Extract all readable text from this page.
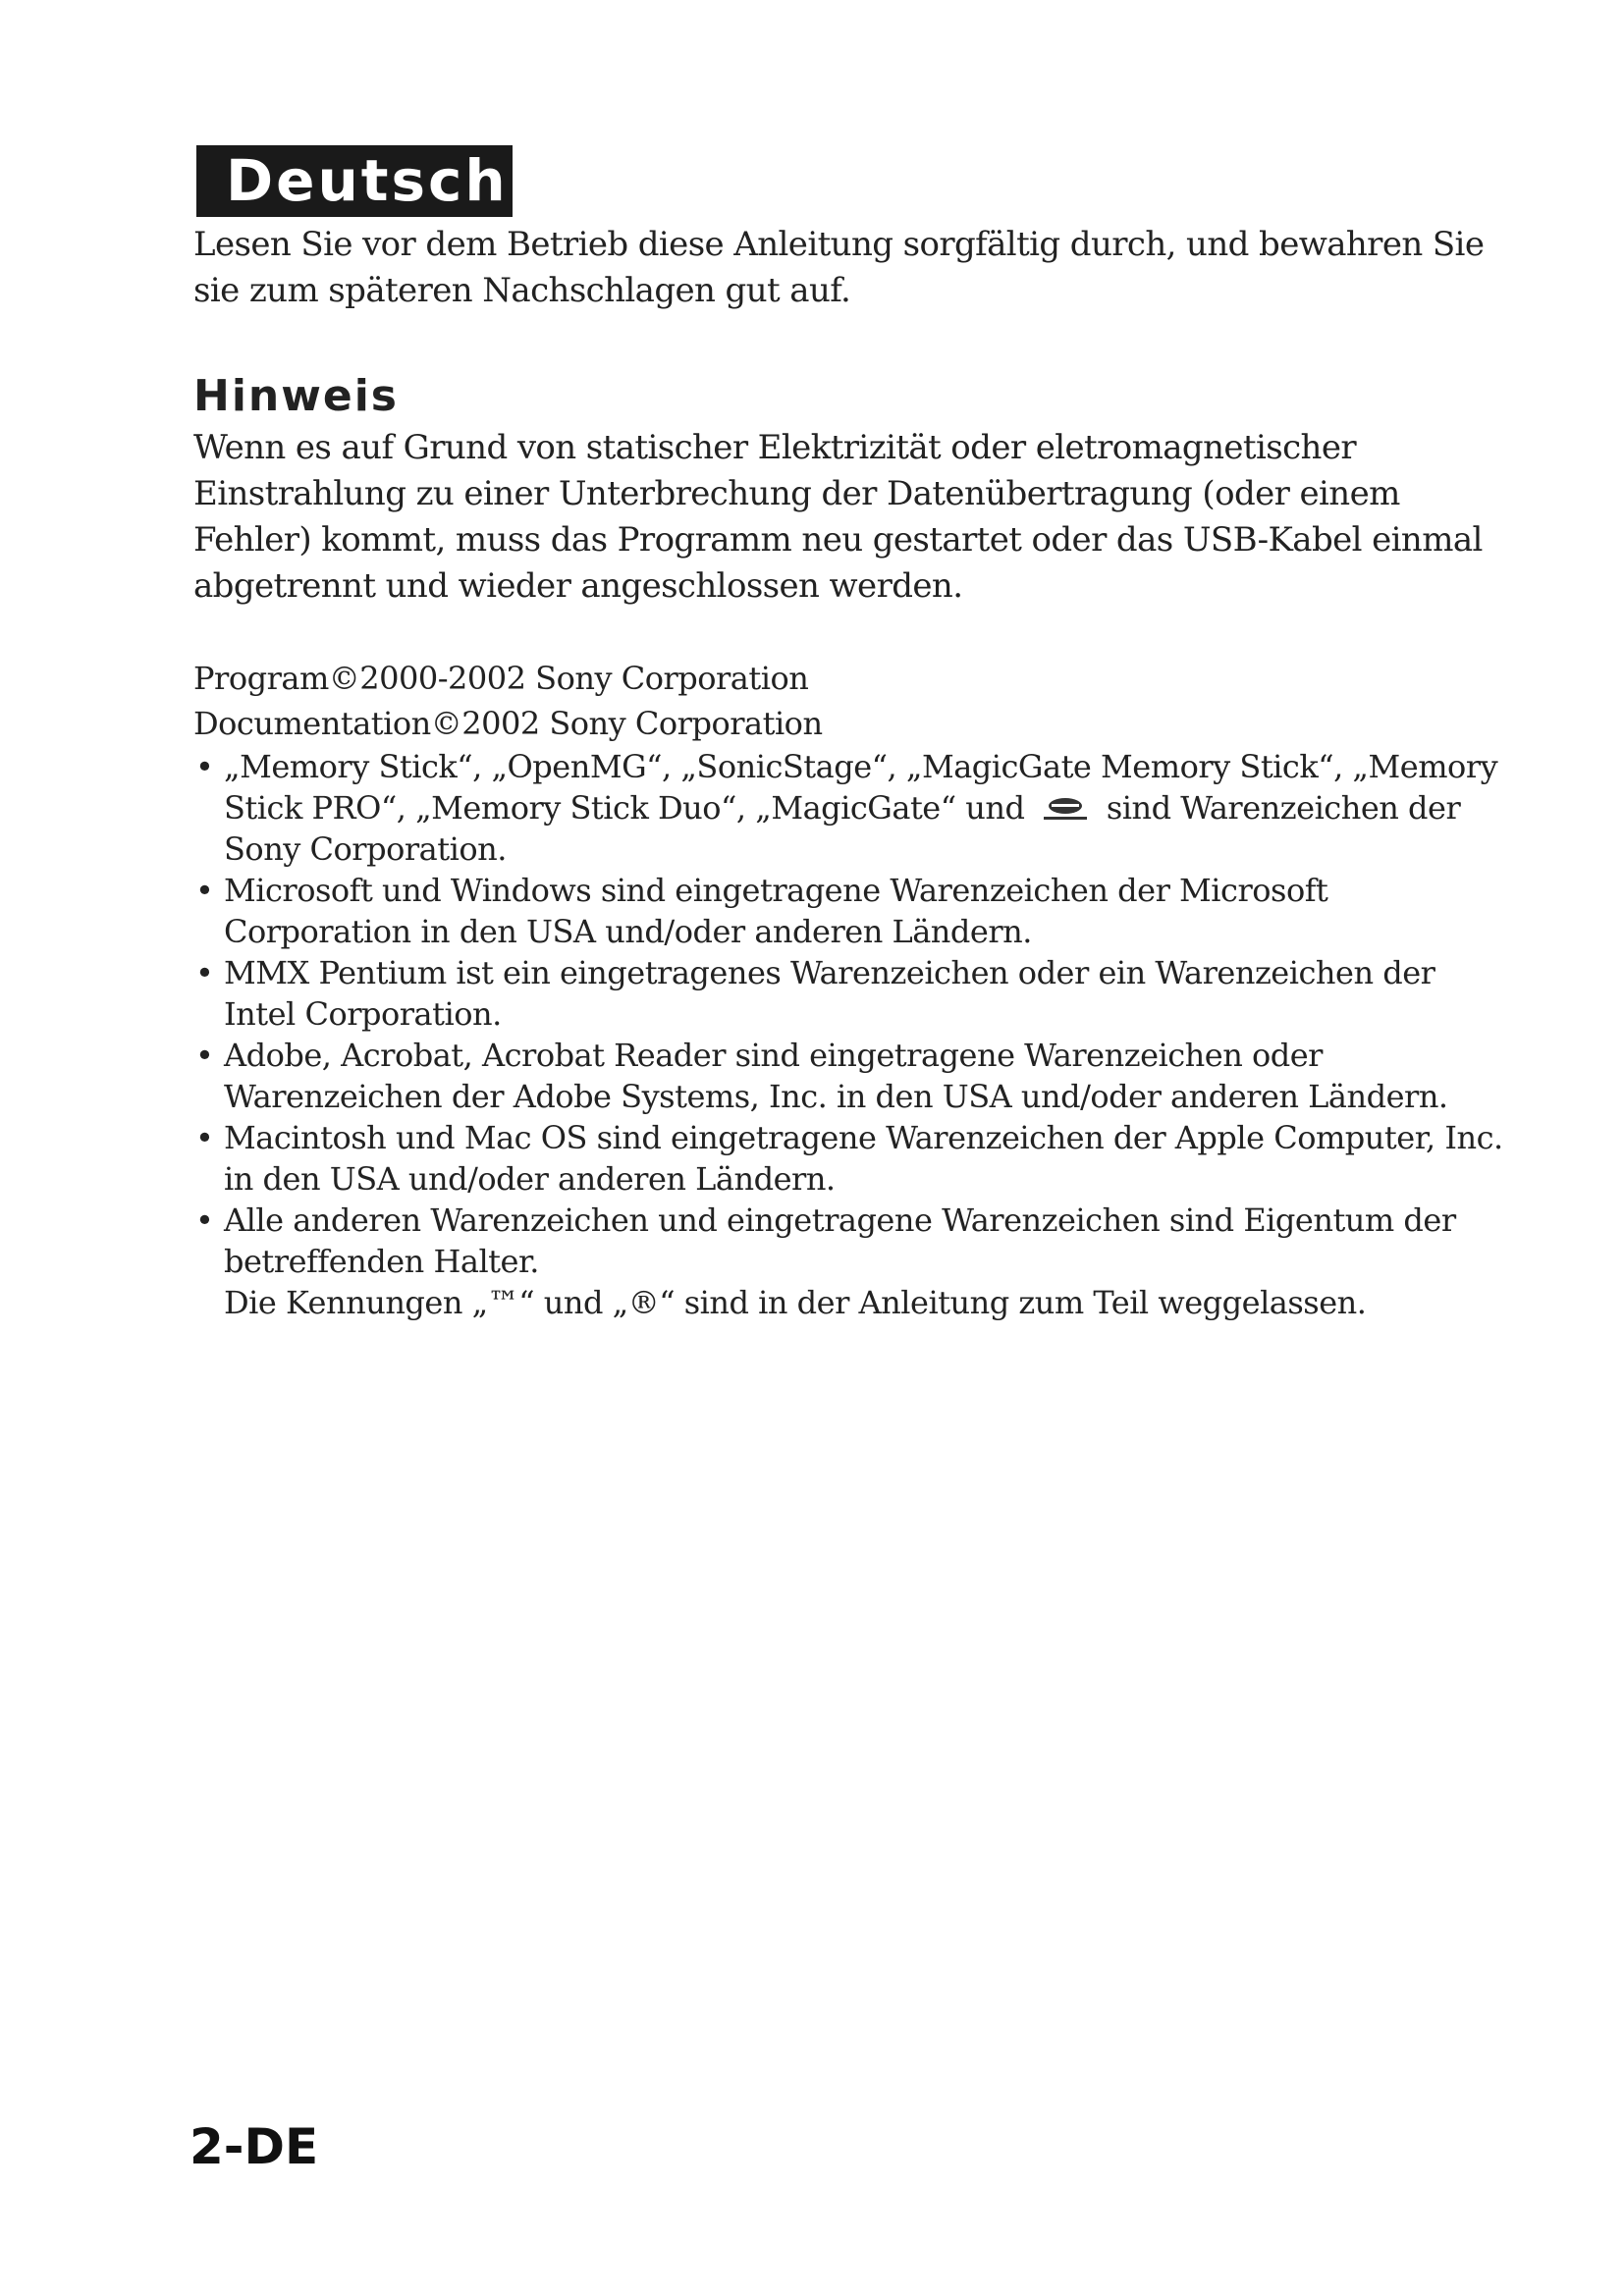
Deutsch

Lesen Sie vor dem Betrieb diese Anleitung sorgfältig durch, und bewahren Sie sie zum späteren Nachschlagen gut auf.

Hinweis

Wenn es auf Grund von statischer Elektrizität oder eletromagnetischer Einstrahlung zu einer Unterbrechung der Datenübertragung (oder einem Fehler) kommt, muss das Programm neu gestartet oder das USB-Kabel einmal abgetrennt und wieder angeschlossen werden.

Program©2000-2002 Sony Corporation
Documentation©2002 Sony Corporation
• „Memory Stick“, „OpenMG“, „SonicStage“, „MagicGate Memory Stick“, „Memory Stick PRO“, „Memory Stick Duo“, „MagicGate“ und	sind Warenzeichen der Sony Corporation.
• Microsoft und Windows sind eingetragene Warenzeichen der Microsoft Corporation in den USA und/oder anderen Ländern.
• MMX Pentium ist ein eingetragenes Warenzeichen oder ein Warenzeichen der Intel Corporation.
• Adobe, Acrobat, Acrobat Reader sind eingetragene Warenzeichen oder Warenzeichen der Adobe Systems, Inc. in den USA und/oder anderen Ländern.
• Macintosh und Mac OS sind eingetragene Warenzeichen der Apple Computer, Inc. in den USA und/oder anderen Ländern.
• Alle anderen Warenzeichen und eingetragene Warenzeichen sind Eigentum der betreffenden Halter.
Die Kennungen „™“ und „®“ sind in der Anleitung zum Teil weggelassen.
2-DE
